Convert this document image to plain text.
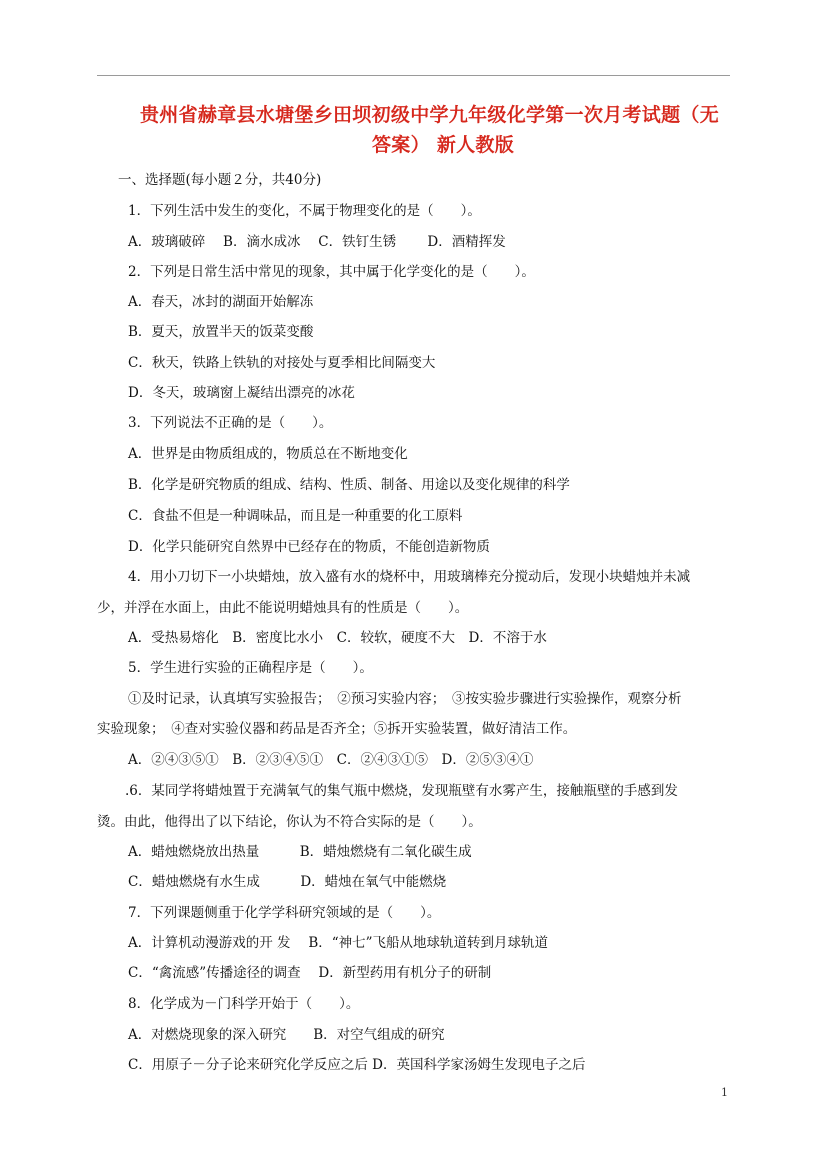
贵州省赫章县水塘堡乡田坝初级中学九年级化学第一次月考试题（无
答案） 新人教版
一、选择题(每小题２分，共40分)
1．下列生活中发生的变化，不属于物理变化的是（　　）。
A．玻璃破碎　 B．滴水成冰　 C．铁钉生锈　　 D．酒精挥发
2．下列是日常生活中常见的现象，其中属于化学变化的是（　　）。
A．春天，冰封的湖面开始解冻
B．夏天，放置半天的饭菜变酸
C．秋天，铁路上铁轨的对接处与夏季相比间隔变大
D．冬天，玻璃窗上凝结出漂亮的冰花
3．下列说法不正确的是（　　）。
A．世界是由物质组成的，物质总在不断地变化
B．化学是研究物质的组成、结构、性质、制备、用途以及变化规律的科学
C．食盐不但是一种调味品，而且是一种重要的化工原料
D．化学只能研究自然界中已经存在的物质，不能创造新物质
4．用小刀切下一小块蜡烛，放入盛有水的烧杯中，用玻璃棒充分搅动后，发现小块蜡烛并未减
少，并浮在水面上，由此不能说明蜡烛具有的性质是（　　）。
A．受热易熔化　B．密度比水小　C．较软，硬度不大　D．不溶于水
5．学生进行实验的正确程序是（　　）。
①及时记录，认真填写实验报告；　②预习实验内容；　③按实验步骤进行实验操作，观察分析
实验现象；　④查对实验仪器和药品是否齐全；⑤拆开实验装置，做好清洁工作。
A．②④③⑤①　B．②③④⑤①　C．②④③①⑤　D．②⑤③④①
.6．某同学将蜡烛置于充满氧气的集气瓶中燃烧，发现瓶壁有水雾产生，接触瓶壁的手感到发
烫。由此，他得出了以下结论，你认为不符合实际的是（　　）。
A．蜡烛燃烧放出热量　　　B．蜡烛燃烧有二氧化碳生成
C．蜡烛燃烧有水生成　　　D．蜡烛在氧气中能燃烧
7．下列课题侧重于化学学科研究领域的是（　　）。
A．计算机动漫游戏的开 发　 B．“神七”飞船从地球轨道转到月球轨道
C．“禽流感”传播途径的调查　 D．新型药用有机分子的研制
8．化学成为－门科学开始于（　　）。
A．对燃烧现象的深入研究　　B．对空气组成的研究
C．用原子－分子论来研究化学反应之后 D．英国科学家汤姆生发现电子之后
1
